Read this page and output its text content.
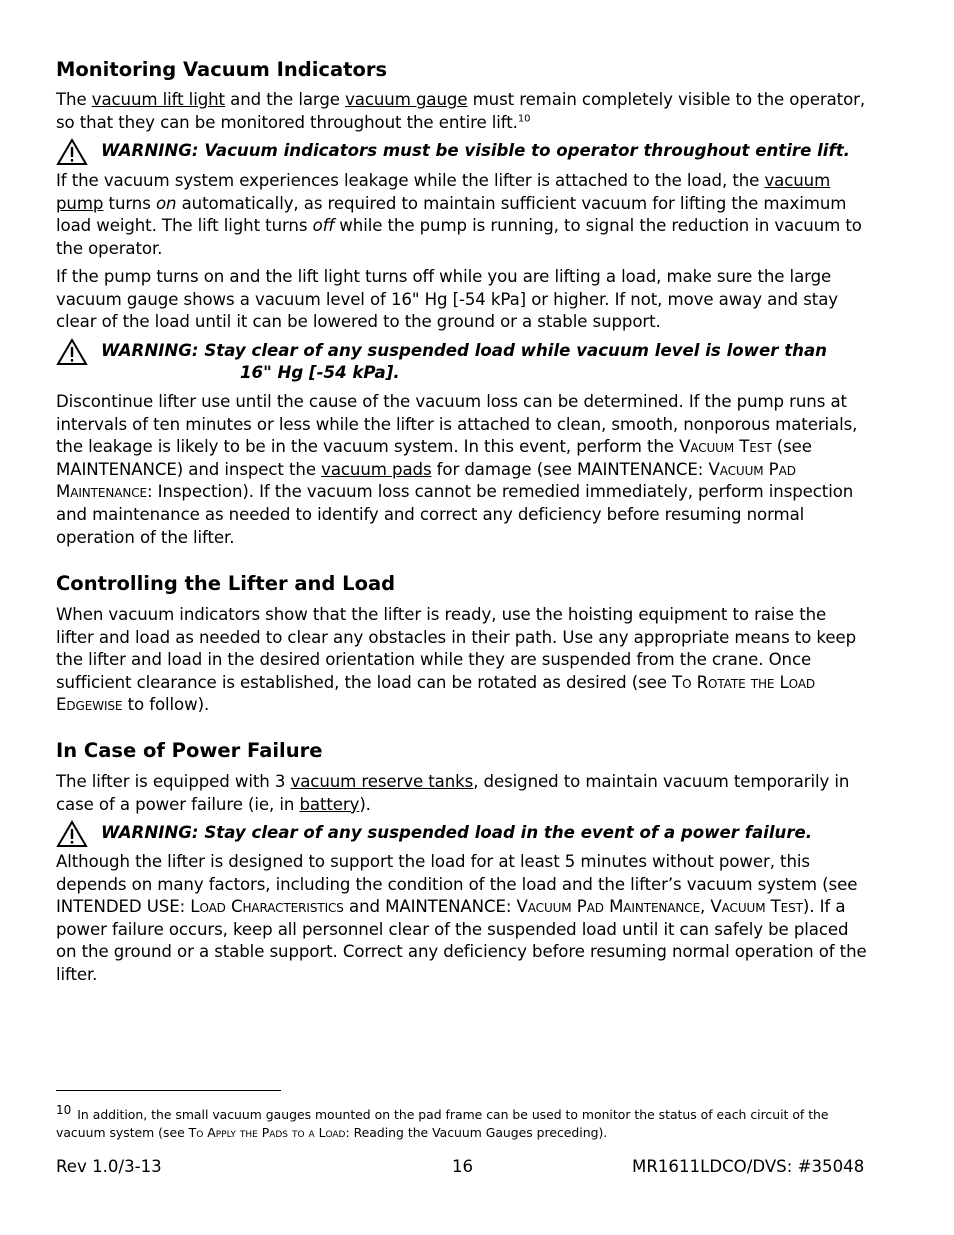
Monitoring Vacuum Indicators

The vacuum lift light and the large vacuum gauge must remain completely visible to the operator, so that they can be monitored throughout the entire lift.$^{10}$

WARNING: Vacuum indicators must be visible to operator throughout entire lift.

If the vacuum system experiences leakage while the lifter is attached to the load, the vacuum pump turns on automatically, as required to maintain sufficient vacuum for lifting the maximum load weight. The lift light turns off while the pump is running, to signal the reduction in vacuum to the operator.

If the pump turns on and the lift light turns off while you are lifting a load, make sure the large vacuum gauge shows a vacuum level of 16" Hg [-54 kPa] or higher. If not, move away and stay clear of the load until it can be lowered to the ground or a stable support.

WARNING: Stay clear of any suspended load while vacuum level is lower than
16" Hg [-54 kPa].

Discontinue lifter use until the cause of the vacuum loss can be determined. If the pump runs at intervals of ten minutes or less while the lifter is attached to clean, smooth, nonporous materials, the leakage is likely to be in the vacuum system. In this event, perform the Vacuum Test (see MAINTENANCE) and inspect the vacuum pads for damage (see MAINTENANCE: Vacuum Pad Maintenance: Inspection). If the vacuum loss cannot be remedied immediately, perform inspection and maintenance as needed to identify and correct any deficiency before resuming normal operation of the lifter.

Controlling the Lifter and Load

When vacuum indicators show that the lifter is ready, use the hoisting equipment to raise the lifter and load as needed to clear any obstacles in their path. Use any appropriate means to keep the lifter and load in the desired orientation while they are suspended from the crane. Once sufficient clearance is established, the load can be rotated as desired (see To Rotate the Load Edgewise to follow).

In Case of Power Failure

The lifter is equipped with 3 vacuum reserve tanks, designed to maintain vacuum temporarily in case of a power failure (ie, in battery).

WARNING: Stay clear of any suspended load in the event of a power failure.

Although the lifter is designed to support the load for at least 5 minutes without power, this depends on many factors, including the condition of the load and the lifter’s vacuum system (see INTENDED USE: Load Characteristics and MAINTENANCE: Vacuum Pad Maintenance, Vacuum Test). If a power failure occurs, keep all personnel clear of the suspended load until it can safely be placed on the ground or a stable support. Correct any deficiency before resuming normal operation of the lifter.

10 In addition, the small vacuum gauges mounted on the pad frame can be used to monitor the status of each circuit of the vacuum system (see To Apply the Pads to a Load: Reading the Vacuum Gauges preceding).
Rev 1.0/3-13	16	MR1611LDCO/DVS: #35048
